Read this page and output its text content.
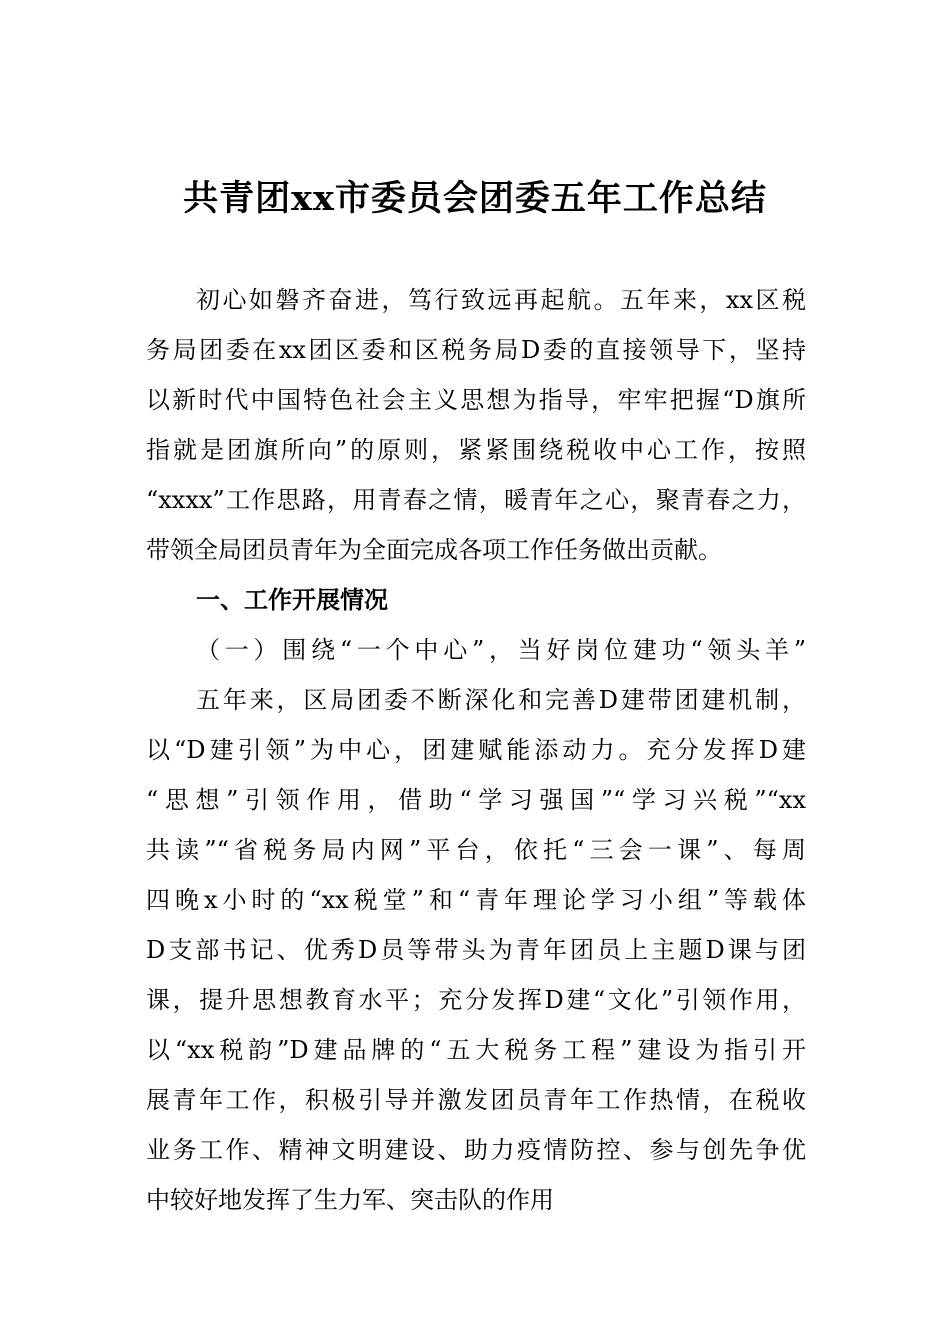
共青团xx市委员会团委五年工作总结
初心如磐齐奋进，笃行致远再起航。五年来，xx区税
务局团委在xx团区委和区税务局D委的直接领导下，坚持
以新时代中国特色社会主义思想为指导，牢牢把握“D旗所
指就是团旗所向”的原则，紧紧围绕税收中心工作，按照
“xxxx”工作思路，用青春之情，暖青年之心，聚青春之力，
带领全局团员青年为全面完成各项工作任务做出贡献。
一、工作开展情况
（一）围绕“一个中心”，当好岗位建功“领头羊”
五年来，区局团委不断深化和完善D建带团建机制，
以“D建引领”为中心，团建赋能添动力。充分发挥D建
“思想”引领作用，借助“学习强国”“学习兴税”“xx
共读”“省税务局内网”平台，依托“三会一课”、每周
四晚x小时的“xx税堂”和“青年理论学习小组”等载体
D支部书记、优秀D员等带头为青年团员上主题D课与团
课，提升思想教育水平；充分发挥D建“文化”引领作用，
以“xx税韵”D建品牌的“五大税务工程”建设为指引开
展青年工作，积极引导并激发团员青年工作热情，在税收
业务工作、精神文明建设、助力疫情防控、参与创先争优
中较好地发挥了生力军、突击队的作用
